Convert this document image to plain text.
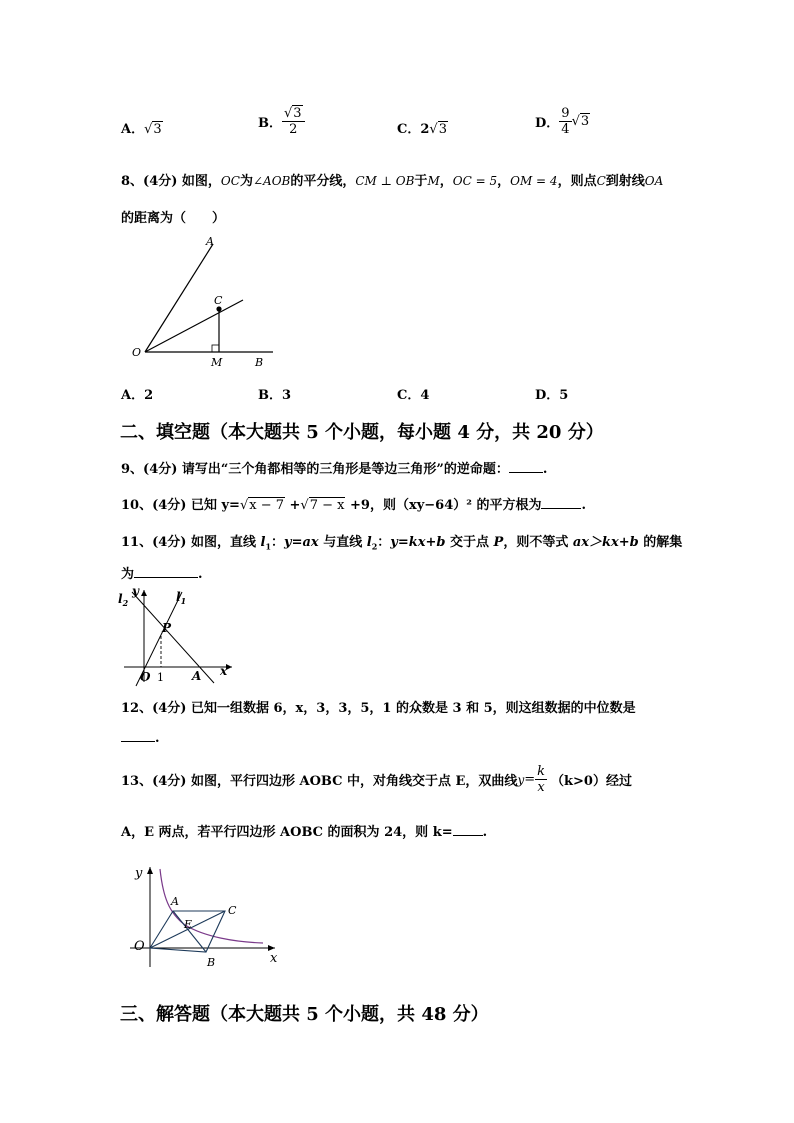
A．√3	B． $\frac{√3}{2}$	C．2√3	D． $\frac{9}{4} √3$
8、(4分) 如图，OC为∠AOB的平分线，CM ⊥ OB于M，OC = 5，OM = 4，则点C到射线OA
的距离为（　　）
A
C
O
M	B
A．2	B．3	C．4	D．5
二、填空题（本大题共 5 个小题，每小题 4 分，共 20 分）
9、(4分) 请写出“三个角都相等的三角形是等边三角形”的逆命题：	.
10、(4分) 已知 y=√x − 7 +√7 − x +9，则（xy−64）² 的平方根为	.
11、(4分) 如图，直线 $l_1$：y=ax 与直线 $l_2$：y=kx+b 交于点 P，则不等式 ax＞kx+b 的解集
为	.
$l_2$
y	$l_1$
P
O 1 A x
12、(4分) 已知一组数据 6，x，3，3，5，1 的众数是 3 和 5，则这组数据的中位数是
.
13、(4分) 如图，平行四边形 AOBC 中，对角线交于点 E，双曲线 $y = \frac{k}{x} (k>0)$经过
A，E 两点，若平行四边形 AOBC 的面积为 24，则 k= .
y
A
C
E
O
B	x
三、解答题（本大题共 5 个小题，共 48 分）
